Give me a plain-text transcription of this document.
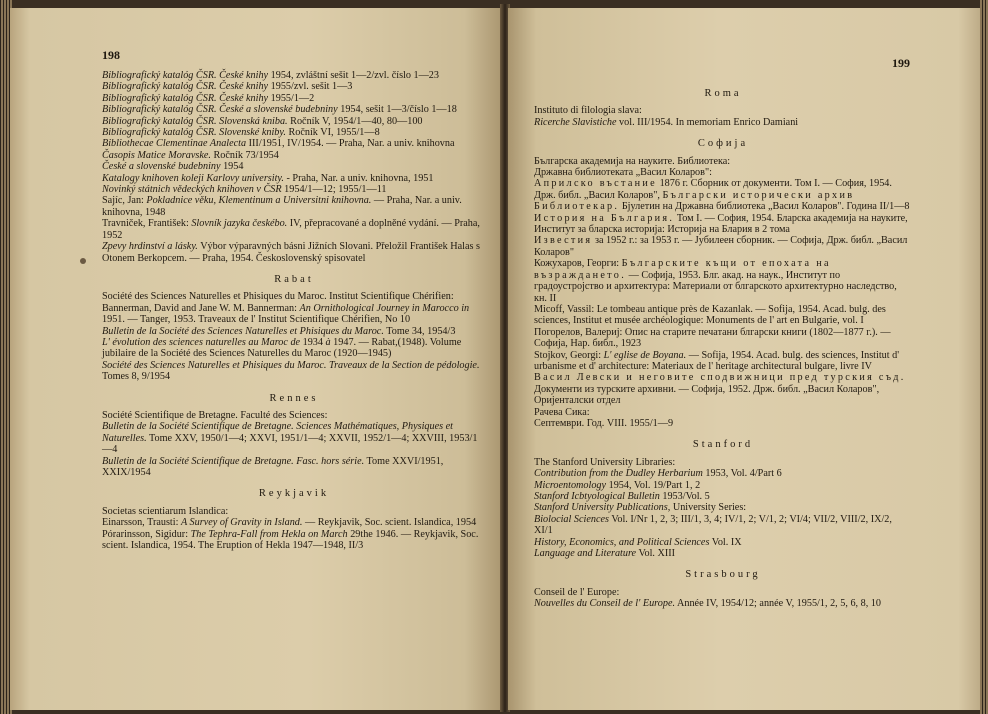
198

Bibliografický katalóg ČSR. České knihy 1954, zvláštní sešit 1—2/zvl. číslo 1—23

Bibliografický katalóg ČSR. České knihy 1955/zvl. sešit 1—3

Bibliografický katalóg ČSR. České knihy 1955/1—2

Bibliografický katalóg ČSR. České a slovenské budebniny 1954, sešit 1—3/číslo 1—18

Bibliografický katalóg ČSR. Slovenská kniba. Ročník V, 1954/1—40, 80—100

Bibliografický katalóg ČSR. Slovenské kniby. Ročník VI, 1955/1—8

Bibliothecae Clementinae Analecta III/1951, IV/1954. — Praha, Nar. a univ. knihovna

Časopis Matice Moravske. Ročník 73/1954

České a slovenské budebniny 1954

Katalogy knihoven koleji Karlovy university. - Praha, Nar. a univ. knihovna, 1951

Novinký státnich vědeckých knihoven v ČSR 1954/1—12; 1955/1—11

Sajíc, Jan: Pokladnice věku, Klementinum a Universitni knihovna. — Praha, Nar. a univ. knihovna, 1948

Travniček, František: Slovník jazyka českébo. IV, přepracované a doplněné vydání. — Praha, 1952

Zpevy hrdinství a lásky. Výbor výparavných básni Jižních Slovani. Přeložil František Halas s Otonem Berkopcem. — Praha, 1954. Československý spisovatel

Rabat

Société des Sciences Naturelles et Phisiques du Maroc. Institut Scientifique Chérifien:

Bannerman, David and Jane W. M. Bannerman: An Ornithological Journey in Marocco in 1951. — Tanger, 1953. Traveaux de l' Institut Scientifique Chérifien, No 10

Bulletin de la Société des Sciences Naturelles et Phisiques du Maroc. Tome 34, 1954/3

L' évolution des sciences naturelles au Maroc de 1934 à 1947. — Rabat,(1948). Volume jubilaire de la Société des Sciences Naturelles du Maroc (1920—1945)

Société des Sciences Naturelles et Phisiques du Maroc. Traveaux de la Section de pédologie. Tomes 8, 9/1954

Rennes

Société Scientifique de Bretagne. Faculté des Sciences:

Bulletin de la Société Scientifique de Bretagne. Sciences Mathématiques, Physiques et Naturelles. Tome XXV, 1950/1—4; XXVI, 1951/1—4; XXVII, 1952/1—4; XXVIII, 1953/1—4

Bulletin de la Société Scientifique de Bretagne. Fasc. hors série. Tome XXVI/1951, XXIX/1954

Reykjavik

Societas scientiarum Islandica:

Einarsson, Trausti: A Survey of Gravity in Island. — Reykjavik, Soc. scient. Islandica, 1954

Pórarinsson, Sigidur: The Tephra-Fall from Hekla on March 29the 1946. — Reykjavik, Soc. scient. Islandica, 1954. The Eruption of Hekla 1947—1948, II/3

199

Roma

Instituto di filologia slava:

Ricerche Slavistiche vol. III/1954. In memoriam Enrico Damiani

Софија

Българска академија на науките. Библиотека:

Државна библиотеката „Васил Коларов":

Априлско въстание 1876 г. Сборник от документи. Том I. — София, 1954. Држ. библ. „Васил Коларов", Български исторически архив

Библиотекар. Бјулетин на Државна библиотека „Васил Коларов". Година II/1—8

История на България. Том I. — София, 1954. Бларска академија на науките, Институт за бларска историја: Историја на Блария в 2 тома

Известия за 1952 г.: за 1953 г. — Јубилеен сборник. — Софија, Држ. библ. „Васил Коларов"

Кожухаров, Георги: Българските къщи от епохата на възраждането. — Софија, 1953. Блг. акад. на наук., Институт по градоустројство и архитектура: Материали от блгарското архитектурно наследство, кн. II

Micoff, Vassil: Le tombeau antique près de Kazanlak. — Sofija, 1954. Acad. bulg. des sciences, Institut et musée archéologique: Monuments de l' art en Bulgarie, vol. I

Погорелов, Валериј: Опис на старите печатани блгарски книги (1802—1877 г.). — Софија, Нар. библ., 1923

Stojkov, Georgi: L' eglise de Boyana. — Sofija, 1954. Acad. bulg. des sciences, Institut d' urbanisme et d' architecture: Materiaux de l' heritage architectural bulgare, livre IV

Васил Левски и неговите сподвижници пред турския съд. Документи из турските архивни. — Софија, 1952. Држ. библ. „Васил Коларов", Оријенталски отдел

Рачева Сика:

Септември. Год. VIII. 1955/1—9

Stanford

The Stanford University Libraries:

Contribution from the Dudley Herbarium 1953, Vol. 4/Part 6

Microentomology 1954, Vol. 19/Part 1, 2

Stanford Icbtyological Bulletin 1953/Vol. 5

Stanford University Publications, University Series:

Biolocial Sciences Vol. I/Nr 1, 2, 3; III/1, 3, 4; IV/1, 2; V/1, 2; VI/4; VII/2, VIII/2, IX/2, XI/1

History, Economics, and Political Sciences Vol. IX

Language and Literature Vol. XIII

Strasbourg

Conseil de l' Europe:

Nouvelles du Conseil de l' Europe. Année IV, 1954/12; année V, 1955/1, 2, 5, 6, 8, 10
